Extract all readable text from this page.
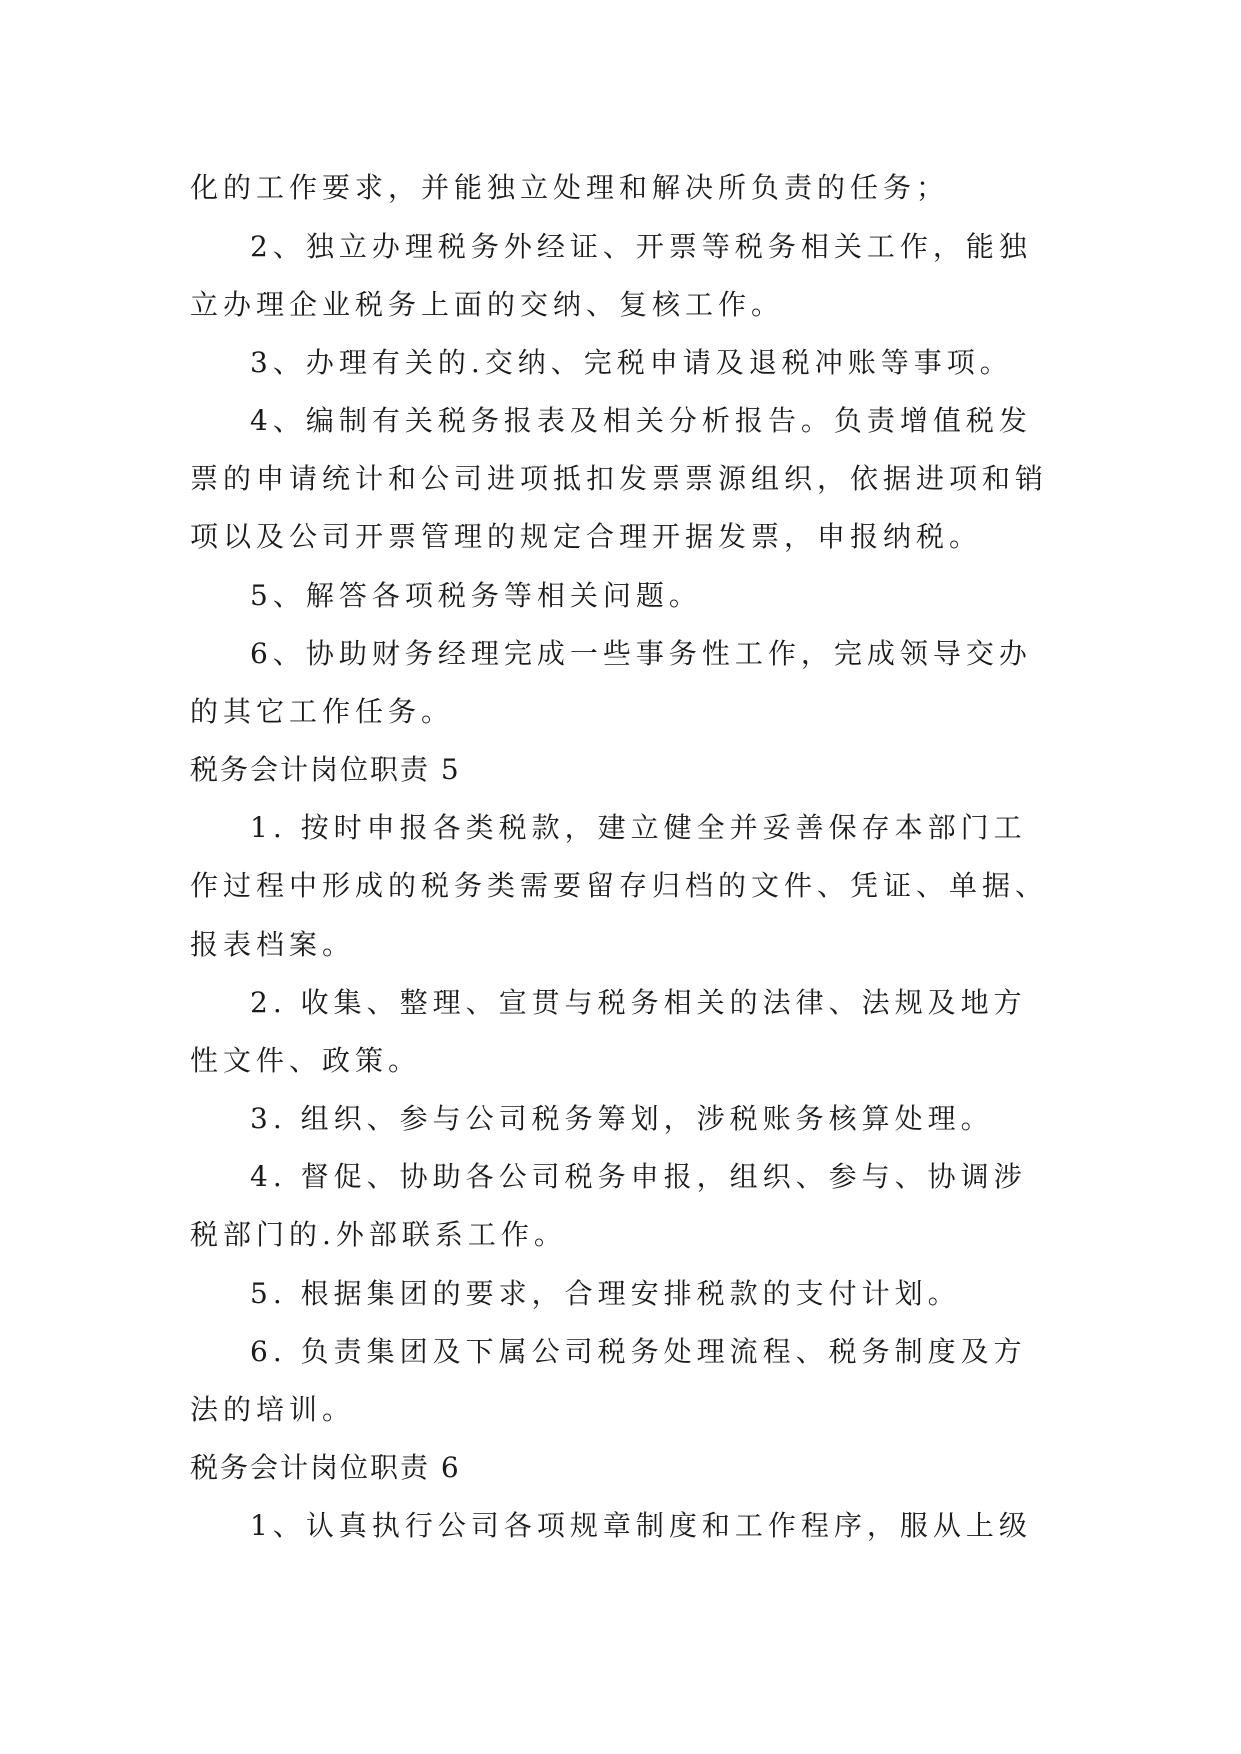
化的工作要求，并能独立处理和解决所负责的任务；
2、独立办理税务外经证、开票等税务相关工作，能独
立办理企业税务上面的交纳、复核工作。
3、办理有关的.交纳、完税申请及退税冲账等事项。
4、编制有关税务报表及相关分析报告。负责增值税发
票的申请统计和公司进项抵扣发票票源组织，依据进项和销
项以及公司开票管理的规定合理开据发票，申报纳税。
5、解答各项税务等相关问题。
6、协助财务经理完成一些事务性工作，完成领导交办
的其它工作任务。
税务会计岗位职责 5
1. 按时申报各类税款，建立健全并妥善保存本部门工
作过程中形成的税务类需要留存归档的文件、凭证、单据、
报表档案。
2. 收集、整理、宣贯与税务相关的法律、法规及地方
性文件、政策。
3. 组织、参与公司税务筹划，涉税账务核算处理。
4. 督促、协助各公司税务申报，组织、参与、协调涉
税部门的.外部联系工作。
5. 根据集团的要求，合理安排税款的支付计划。
6. 负责集团及下属公司税务处理流程、税务制度及方
法的培训。
税务会计岗位职责 6
1、认真执行公司各项规章制度和工作程序，服从上级
